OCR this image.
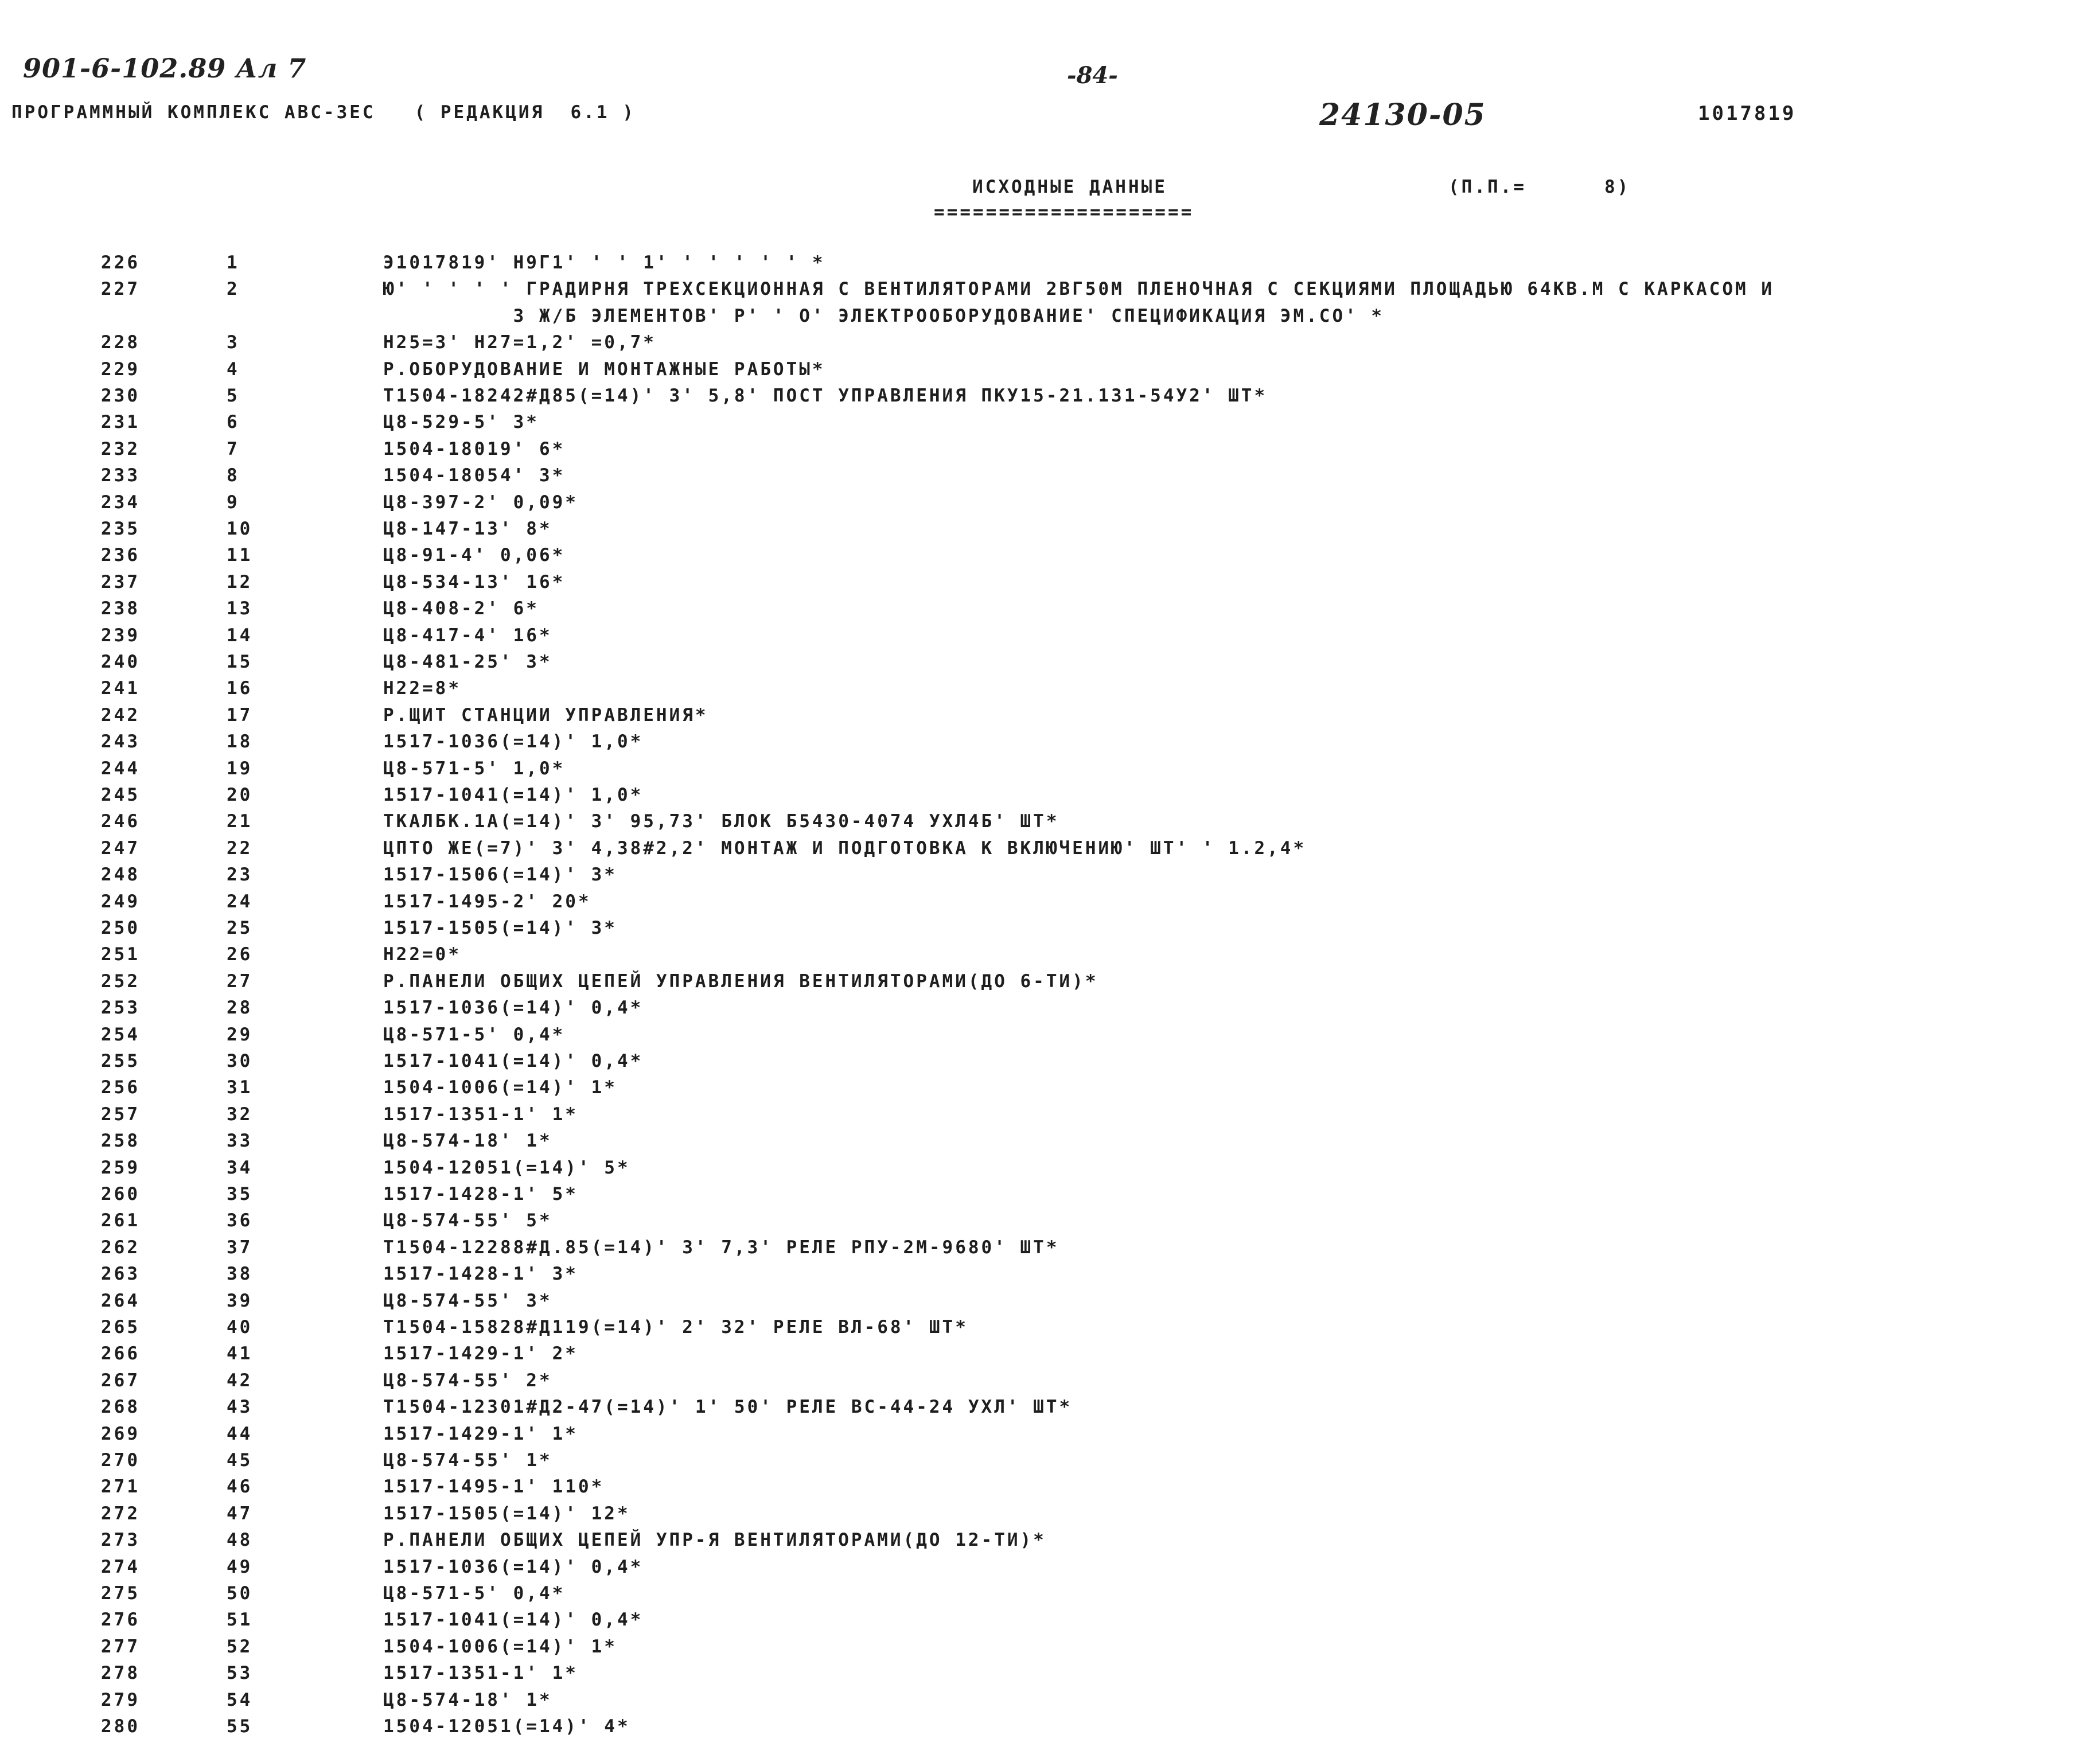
901-6-102.89 Ал 7	-84-
24130-05
ПРОГРАММНЫЙ КОМПЛЕКС АВС-3ЕС   ( РЕДАКЦИЯ  6.1 )	1017819
ИСХОДНЫЕ ДАННЫЕ	(П.П.=      8)
====================
226	1	Э1017819' Н9Г1' ' ' 1' ' ' ' ' ' *
227	2	Ю' ' ' ' ' ГРАДИРНЯ ТРЕХСЕКЦИОННАЯ С ВЕНТИЛЯТОРАМИ 2ВГ50М ПЛЕНОЧНАЯ С СЕКЦИЯМИ ПЛОЩАДЬЮ 64КВ.М С КАРКАСОМ И
3 Ж/Б ЭЛЕМЕНТОВ' Р' ' О' ЭЛЕКТРООБОРУДОВАНИЕ' СПЕЦИФИКАЦИЯ ЭМ.СО' *
228	3	Н25=3' Н27=1,2' =0,7*
229	4	Р.ОБОРУДОВАНИЕ И МОНТАЖНЫЕ РАБОТЫ*
230	5	Т1504-18242#Д85(=14)' 3' 5,8' ПОСТ УПРАВЛЕНИЯ ПКУ15-21.131-54У2' ШТ*
231	6	Ц8-529-5' 3*
232	7	1504-18019' 6*
233	8	1504-18054' 3*
234	9	Ц8-397-2' 0,09*
235	10	Ц8-147-13' 8*
236	11	Ц8-91-4' 0,06*
237	12	Ц8-534-13' 16*
238	13	Ц8-408-2' 6*
239	14	Ц8-417-4' 16*
240	15	Ц8-481-25' 3*
241	16	Н22=8*
242	17	Р.ЩИТ СТАНЦИИ УПРАВЛЕНИЯ*
243	18	1517-1036(=14)' 1,0*
244	19	Ц8-571-5' 1,0*
245	20	1517-1041(=14)' 1,0*
246	21	ТКАЛБК.1А(=14)' 3' 95,73' БЛОК Б5430-4074 УХЛ4Б' ШТ*
247	22	ЦПТО ЖЕ(=7)' 3' 4,38#2,2' МОНТАЖ И ПОДГОТОВКА К ВКЛЮЧЕНИЮ' ШТ' ' 1.2,4*
248	23	1517-1506(=14)' 3*
249	24	1517-1495-2' 20*
250	25	1517-1505(=14)' 3*
251	26	Н22=0*
252	27	Р.ПАНЕЛИ ОБЩИХ ЦЕПЕЙ УПРАВЛЕНИЯ ВЕНТИЛЯТОРАМИ(ДО 6-ТИ)*
253	28	1517-1036(=14)' 0,4*
254	29	Ц8-571-5' 0,4*
255	30	1517-1041(=14)' 0,4*
256	31	1504-1006(=14)' 1*
257	32	1517-1351-1' 1*
258	33	Ц8-574-18' 1*
259	34	1504-12051(=14)' 5*
260	35	1517-1428-1' 5*
261	36	Ц8-574-55' 5*
262	37	Т1504-12288#Д.85(=14)' 3' 7,3' РЕЛЕ РПУ-2М-9680' ШТ*
263	38	1517-1428-1' 3*
264	39	Ц8-574-55' 3*
265	40	Т1504-15828#Д119(=14)' 2' 32' РЕЛЕ ВЛ-68' ШТ*
266	41	1517-1429-1' 2*
267	42	Ц8-574-55' 2*
268	43	Т1504-12301#Д2-47(=14)' 1' 50' РЕЛЕ ВС-44-24 УХЛ' ШТ*
269	44	1517-1429-1' 1*
270	45	Ц8-574-55' 1*
271	46	1517-1495-1' 110*
272	47	1517-1505(=14)' 12*
273	48	Р.ПАНЕЛИ ОБЩИХ ЦЕПЕЙ УПР-Я ВЕНТИЛЯТОРАМИ(ДО 12-ТИ)*
274	49	1517-1036(=14)' 0,4*
275	50	Ц8-571-5' 0,4*
276	51	1517-1041(=14)' 0,4*
277	52	1504-1006(=14)' 1*
278	53	1517-1351-1' 1*
279	54	Ц8-574-18' 1*
280	55	1504-12051(=14)' 4*
